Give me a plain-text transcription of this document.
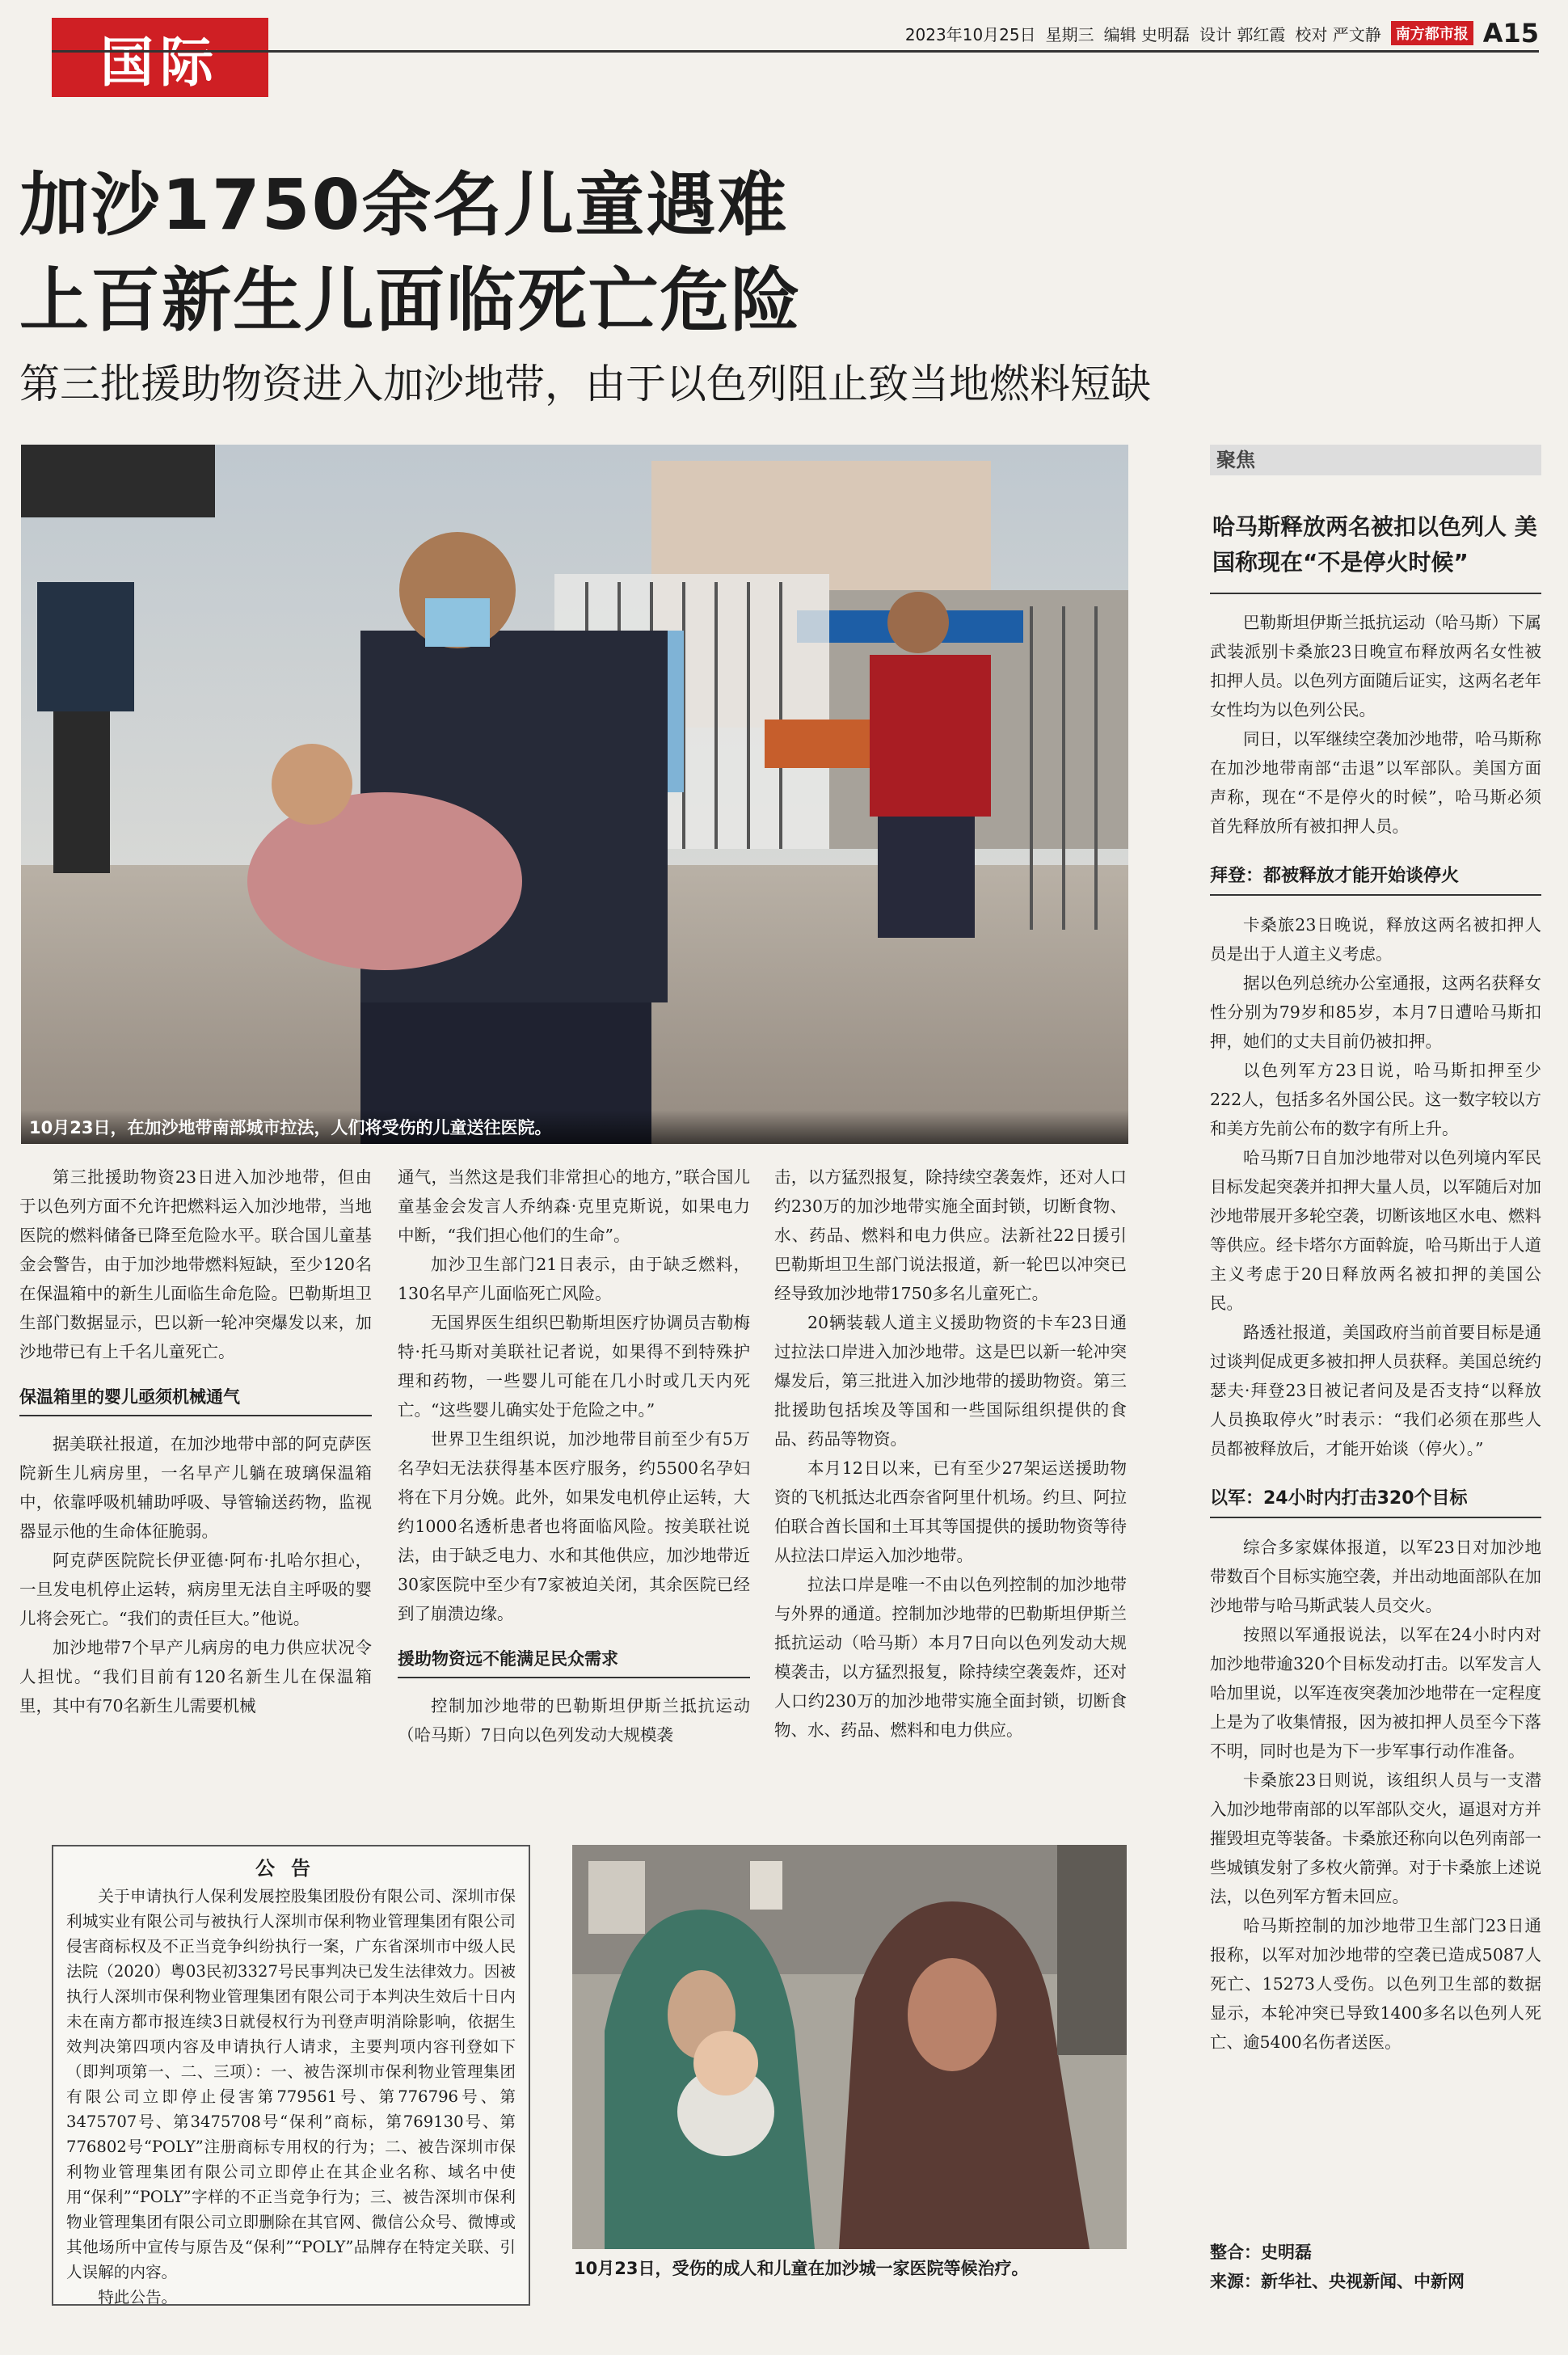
国际	2023年10月25日 星期三 编辑 史明磊 设计 郭红霞 校对 严文静	南方都市报 A15
加沙1750余名儿童遇难
上百新生儿面临死亡危险
第三批援助物资进入加沙地带，由于以色列阻止致当地燃料短缺
10月23日，在加沙地带南部城市拉法，人们将受伤的儿童送往医院。
聚焦
哈马斯释放两名被扣以色列人 美国称现在“不是停火时候”

巴勒斯坦伊斯兰抵抗运动（哈马斯）下属武装派别卡桑旅23日晚宣布释放两名女性被扣押人员。以色列方面随后证实，这两名老年女性均为以色列公民。

同日，以军继续空袭加沙地带，哈马斯称在加沙地带南部“击退”以军部队。美国方面声称，现在“不是停火的时候”，哈马斯必须首先释放所有被扣押人员。

拜登：都被释放才能开始谈停火

卡桑旅23日晚说，释放这两名被扣押人员是出于人道主义考虑。

据以色列总统办公室通报，这两名获释女性分别为79岁和85岁，本月7日遭哈马斯扣押，她们的丈夫目前仍被扣押。

以色列军方23日说，哈马斯扣押至少222人，包括多名外国公民。这一数字较以方和美方先前公布的数字有所上升。

哈马斯7日自加沙地带对以色列境内军民目标发起突袭并扣押大量人员，以军随后对加沙地带展开多轮空袭，切断该地区水电、燃料等供应。经卡塔尔方面斡旋，哈马斯出于人道主义考虑于20日释放两名被扣押的美国公民。

路透社报道，美国政府当前首要目标是通过谈判促成更多被扣押人员获释。美国总统约瑟夫·拜登23日被记者问及是否支持“以释放人员换取停火”时表示：“我们必须在那些人员都被释放后，才能开始谈（停火）。”

以军：24小时内打击320个目标

综合多家媒体报道，以军23日对加沙地带数百个目标实施空袭，并出动地面部队在加沙地带与哈马斯武装人员交火。

按照以军通报说法，以军在24小时内对加沙地带逾320个目标发动打击。以军发言人哈加里说，以军连夜突袭加沙地带在一定程度上是为了收集情报，因为被扣押人员至今下落不明，同时也是为下一步军事行动作准备。

卡桑旅23日则说，该组织人员与一支潜入加沙地带南部的以军部队交火，逼退对方并摧毁坦克等装备。卡桑旅还称向以色列南部一些城镇发射了多枚火箭弹。对于卡桑旅上述说法，以色列军方暂未回应。

哈马斯控制的加沙地带卫生部门23日通报称，以军对加沙地带的空袭已造成5087人死亡、15273人受伤。以色列卫生部的数据显示，本轮冲突已导致1400多名以色列人死亡、逾5400名伤者送医。

第三批援助物资23日进入加沙地带，但由于以色列方面不允许把燃料运入加沙地带，当地医院的燃料储备已降至危险水平。联合国儿童基金会警告，由于加沙地带燃料短缺，至少120名在保温箱中的新生儿面临生命危险。巴勒斯坦卫生部门数据显示，巴以新一轮冲突爆发以来，加沙地带已有上千名儿童死亡。

保温箱里的婴儿亟须机械通气

据美联社报道，在加沙地带中部的阿克萨医院新生儿病房里，一名早产儿躺在玻璃保温箱中，依靠呼吸机辅助呼吸、导管输送药物，监视器显示他的生命体征脆弱。

阿克萨医院院长伊亚德·阿布·扎哈尔担心，一旦发电机停止运转，病房里无法自主呼吸的婴儿将会死亡。“我们的责任巨大。”他说。

加沙地带7个早产儿病房的电力供应状况令人担忧。“我们目前有120名新生儿在保温箱里，其中有70名新生儿需要机械

通气，当然这是我们非常担心的地方，”联合国儿童基金会发言人乔纳森·克里克斯说，如果电力中断，“我们担心他们的生命”。

加沙卫生部门21日表示，由于缺乏燃料，130名早产儿面临死亡风险。

无国界医生组织巴勒斯坦医疗协调员吉勒梅特·托马斯对美联社记者说，如果得不到特殊护理和药物，一些婴儿可能在几小时或几天内死亡。“这些婴儿确实处于危险之中。”

世界卫生组织说，加沙地带目前至少有5万名孕妇无法获得基本医疗服务，约5500名孕妇将在下月分娩。此外，如果发电机停止运转，大约1000名透析患者也将面临风险。按美联社说法，由于缺乏电力、水和其他供应，加沙地带近30家医院中至少有7家被迫关闭，其余医院已经到了崩溃边缘。

援助物资远不能满足民众需求

控制加沙地带的巴勒斯坦伊斯兰抵抗运动（哈马斯）7日向以色列发动大规模袭

击，以方猛烈报复，除持续空袭轰炸，还对人口约230万的加沙地带实施全面封锁，切断食物、水、药品、燃料和电力供应。法新社22日援引巴勒斯坦卫生部门说法报道，新一轮巴以冲突已经导致加沙地带1750多名儿童死亡。

20辆装载人道主义援助物资的卡车23日通过拉法口岸进入加沙地带。这是巴以新一轮冲突爆发后，第三批进入加沙地带的援助物资。第三批援助包括埃及等国和一些国际组织提供的食品、药品等物资。

本月12日以来，已有至少27架运送援助物资的飞机抵达北西奈省阿里什机场。约旦、阿拉伯联合酋长国和土耳其等国提供的援助物资等待从拉法口岸运入加沙地带。

拉法口岸是唯一不由以色列控制的加沙地带与外界的通道。控制加沙地带的巴勒斯坦伊斯兰抵抗运动（哈马斯）本月7日向以色列发动大规模袭击，以方猛烈报复，除持续空袭轰炸，还对人口约230万的加沙地带实施全面封锁，切断食物、水、药品、燃料和电力供应。

公告

关于申请执行人保利发展控股集团股份有限公司、深圳市保利城实业有限公司与被执行人深圳市保利物业管理集团有限公司侵害商标权及不正当竞争纠纷执行一案，广东省深圳市中级人民法院（2020）粤03民初3327号民事判决已发生法律效力。因被执行人深圳市保利物业管理集团有限公司于本判决生效后十日内未在南方都市报连续3日就侵权行为刊登声明消除影响，依据生效判决第四项内容及申请执行人请求，主要判项内容刊登如下（即判项第一、二、三项）：一、被告深圳市保利物业管理集团有限公司立即停止侵害第779561号、第776796号、第3475707号、第3475708号“保利”商标，第769130号、第776802号“POLY”注册商标专用权的行为；二、被告深圳市保利物业管理集团有限公司立即停止在其企业名称、域名中使用“保利”“POLY”字样的不正当竞争行为；三、被告深圳市保利物业管理集团有限公司立即删除在其官网、微信公众号、微博或其他场所中宣传与原告及“保利”“POLY”品牌存在特定关联、引人误解的内容。

特此公告。

10月23日，受伤的成人和儿童在加沙城一家医院等候治疗。
整合：史明磊
来源：新华社、央视新闻、中新网
